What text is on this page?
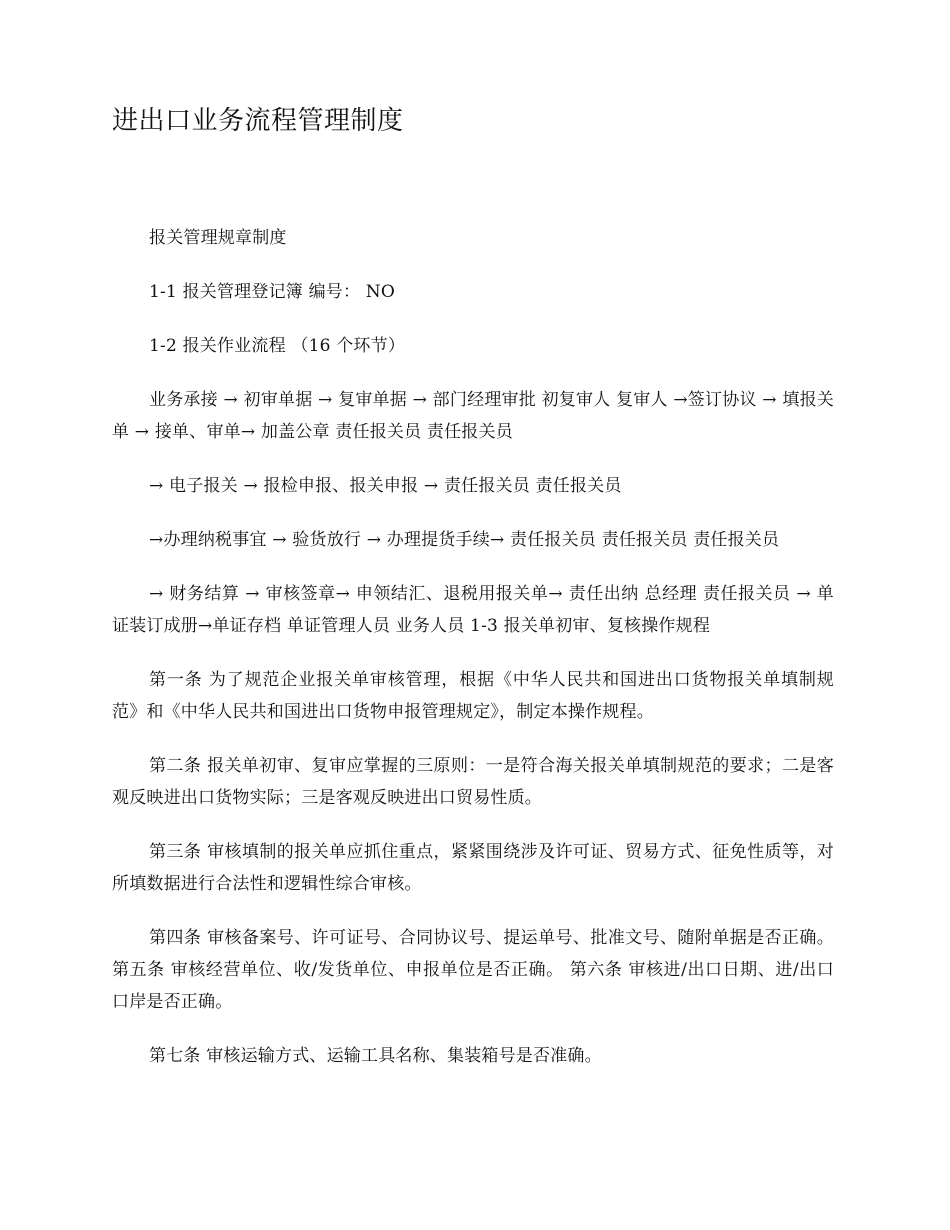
进出口业务流程管理制度

报关管理规章制度

1-1 报关管理登记簿 编号： NO

1-2 报关作业流程 （16 个环节）

业务承接 → 初审单据 → 复审单据 → 部门经理审批 初复审人 复审人 →签订协议 → 填报关单 → 接单、审单→ 加盖公章 责任报关员 责任报关员

→ 电子报关 → 报检申报、报关申报 → 责任报关员 责任报关员

→办理纳税事宜 → 验货放行 → 办理提货手续→ 责任报关员 责任报关员 责任报关员

→ 财务结算 → 审核签章→ 申领结汇、退税用报关单→ 责任出纳 总经理 责任报关员 → 单证装订成册→单证存档 单证管理人员 业务人员 1-3 报关单初审、复核操作规程

第一条 为了规范企业报关单审核管理，根据《中华人民共和国进出口货物报关单填制规范》和《中华人民共和国进出口货物申报管理规定》，制定本操作规程。

第二条 报关单初审、复审应掌握的三原则：一是符合海关报关单填制规范的要求；二是客观反映进出口货物实际；三是客观反映进出口贸易性质。

第三条 审核填制的报关单应抓住重点，紧紧围绕涉及许可证、贸易方式、征免性质等，对所填数据进行合法性和逻辑性综合审核。

第四条 审核备案号、许可证号、合同协议号、提运单号、批准文号、随附单据是否正确。 第五条 审核经营单位、收/发货单位、申报单位是否正确。 第六条 审核进/出口日期、进/出口口岸是否正确。

第七条 审核运输方式、运输工具名称、集装箱号是否准确。
